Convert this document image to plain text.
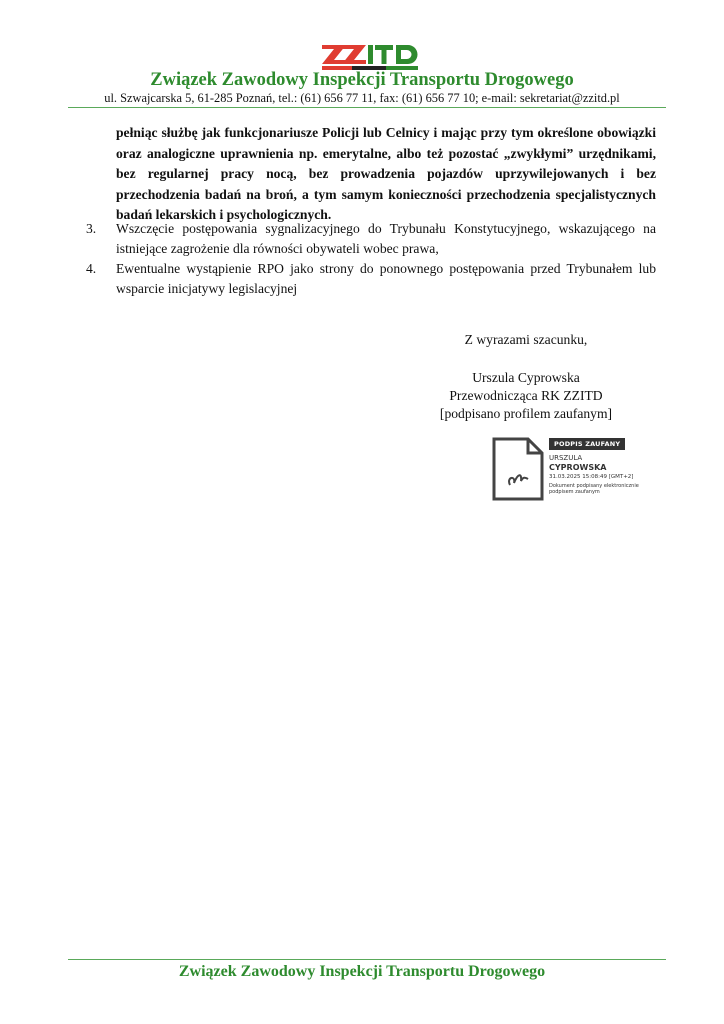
Związek Zawodowy Inspekcji Transportu Drogowego
ul. Szwajcarska 5, 61-285 Poznań, tel.: (61) 656 77 11, fax: (61) 656 77 10; e-mail: sekretariat@zzitd.pl
pełniąc służbę jak funkcjonariusze Policji lub Celnicy i mając przy tym określone obowiązki oraz analogiczne uprawnienia np. emerytalne, albo też pozostać „zwykłymi” urzędnikami, bez regularnej pracy nocą, bez prowadzenia pojazdów uprzywilejowanych i bez przechodzenia badań na broń, a tym samym konieczności przechodzenia specjalistycznych badań lekarskich i psychologicznych.
3. Wszczęcie postępowania sygnalizacyjnego do Trybunału Konstytucyjnego, wskazującego na istniejące zagrożenie dla równości obywateli wobec prawa,
4. Ewentualne wystąpienie RPO jako strony do ponownego postępowania przed Trybunałem lub wsparcie inicjatywy legislacyjnej
Z wyrazami szacunku,
Urszula Cyprowska
Przewodnicząca RK ZZITD
[podpisano profilem zaufanym]
PODPIS ZAUFANY
URSZULA
CYPROWSKA
31.03.2025 15:08:49 [GMT+2]
Dokument podpisany elektronicznie podpisem zaufanym
Związek Zawodowy Inspekcji Transportu Drogowego
